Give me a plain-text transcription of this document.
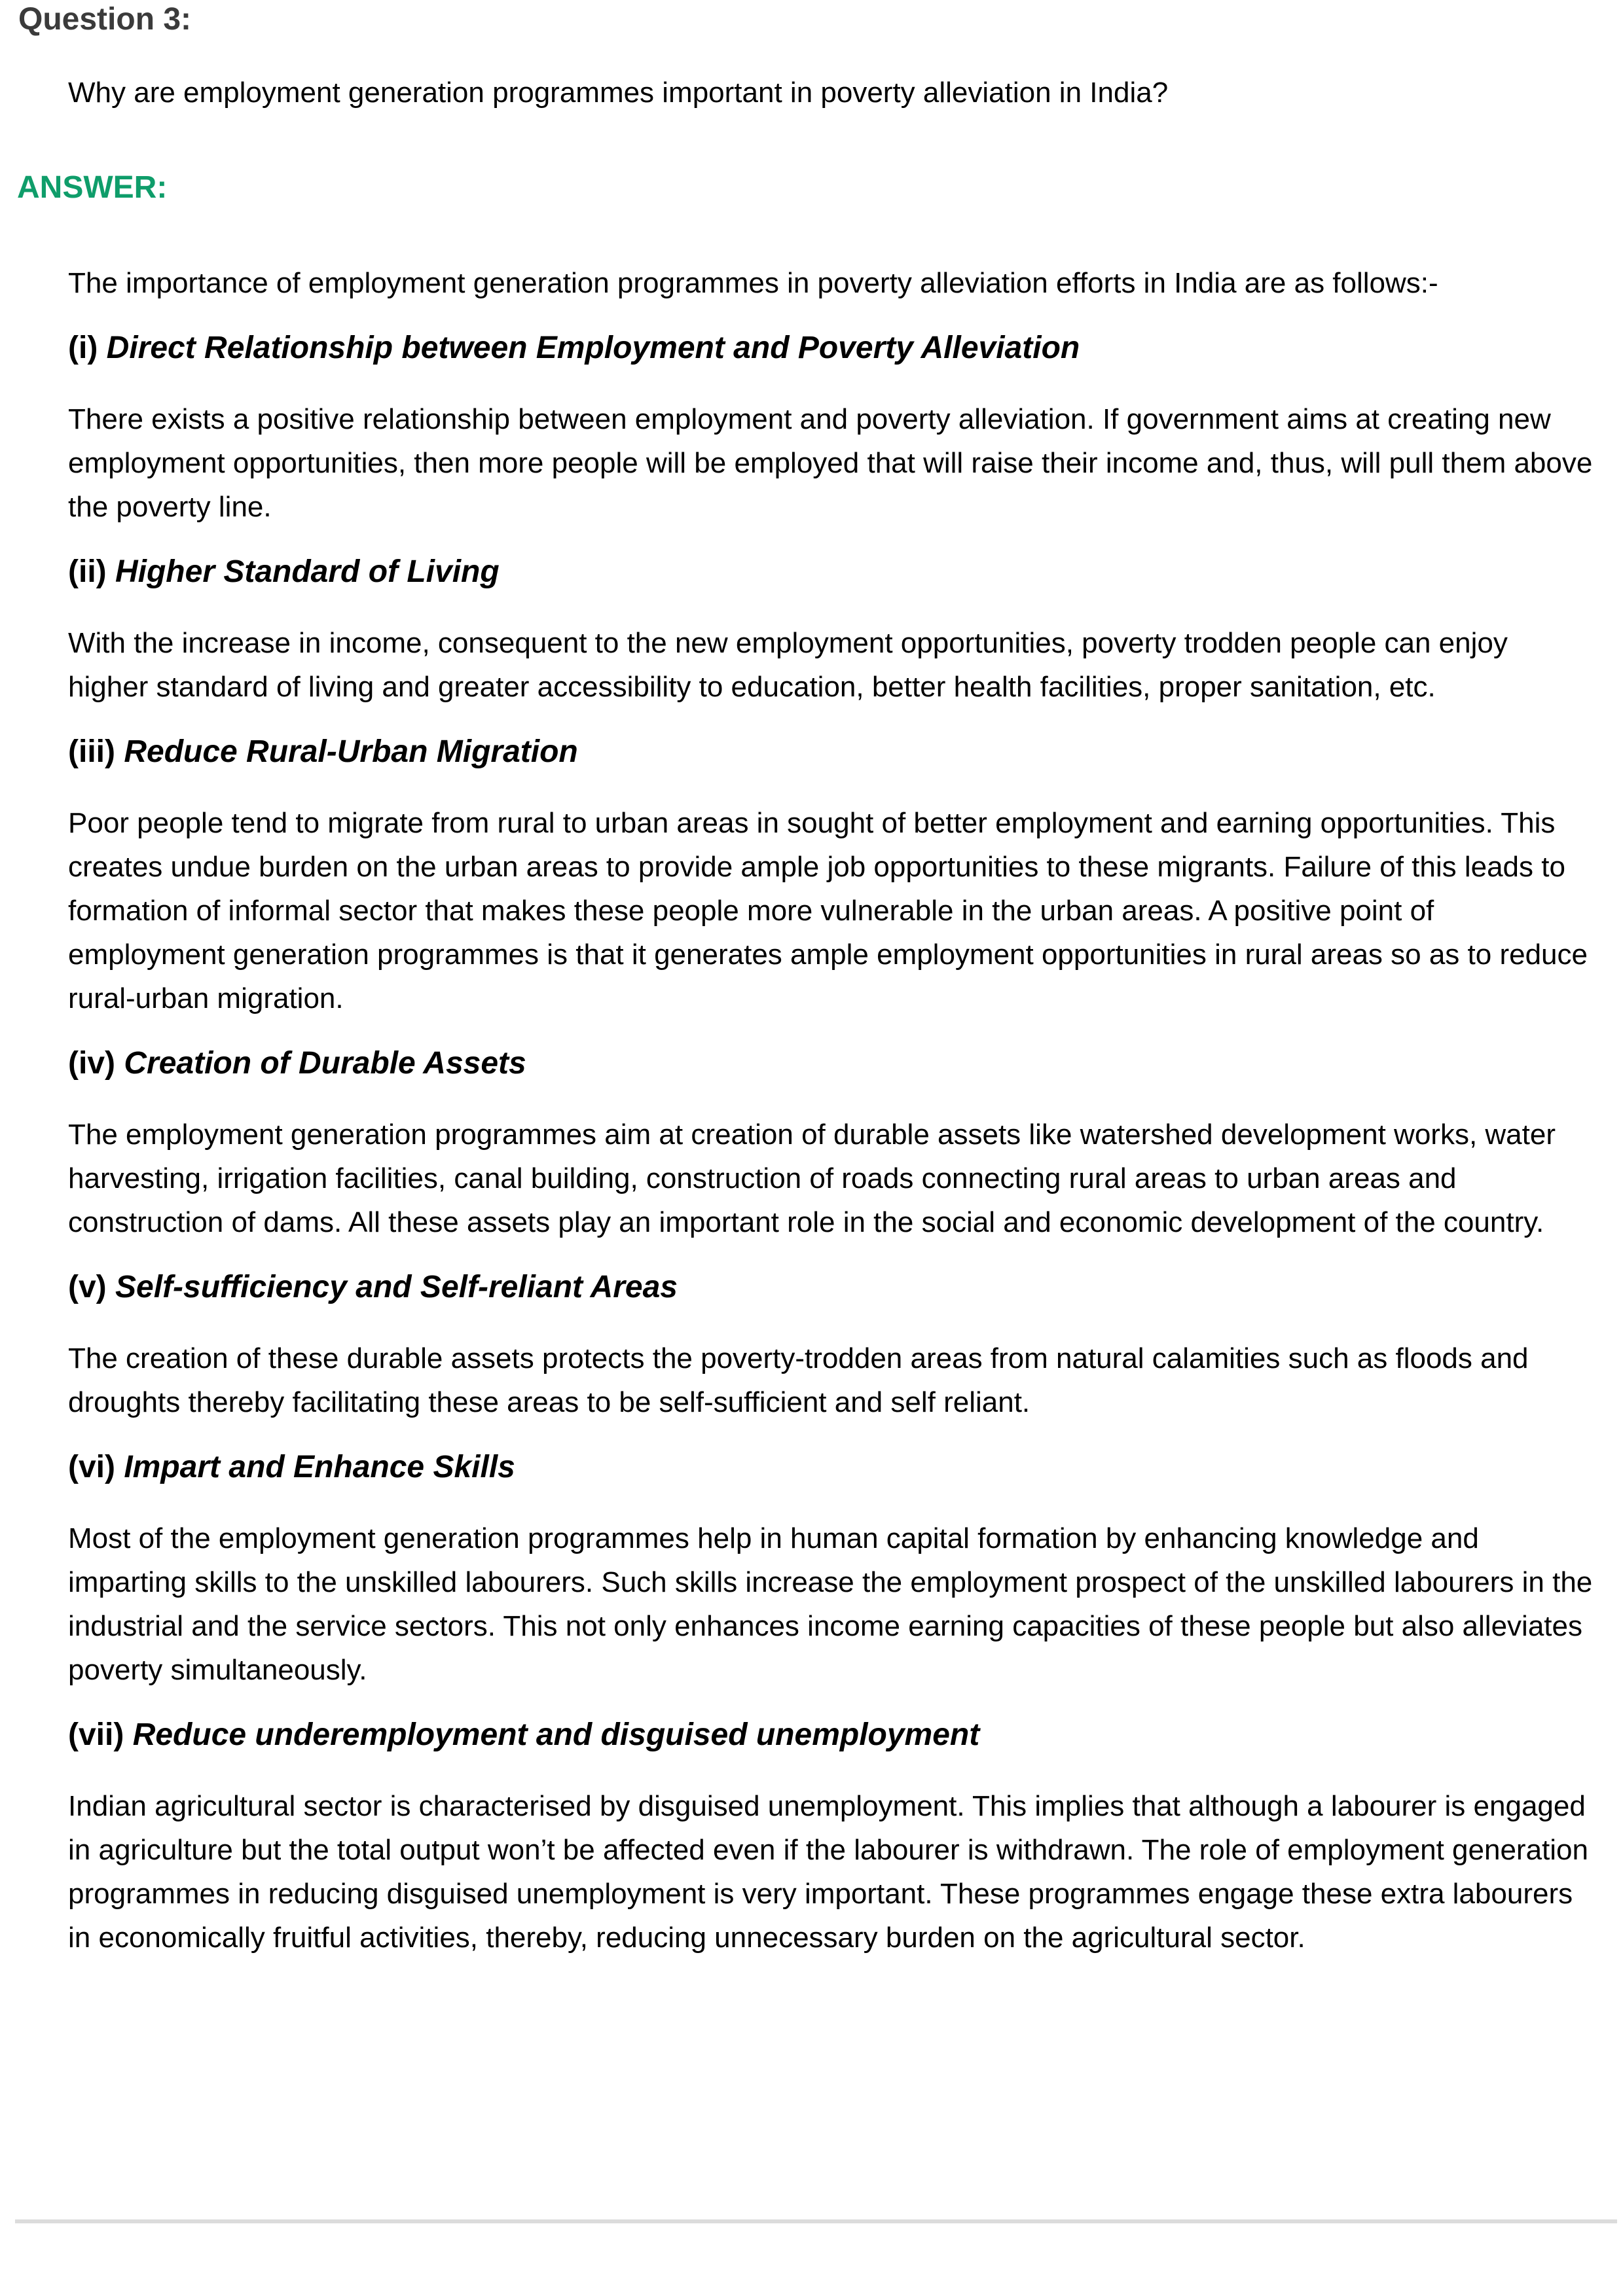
Question 3:

Why are employment generation programmes important in poverty alleviation in India?

ANSWER:

The importance of employment generation programmes in poverty alleviation efforts in India are as follows:-

(i) Direct Relationship between Employment and Poverty Alleviation

There exists a positive relationship between employment and poverty alleviation. If government aims at creating new employment opportunities, then more people will be employed that will raise their income and, thus, will pull them above the poverty line.

(ii) Higher Standard of Living

With the increase in income, consequent to the new employment opportunities, poverty trodden people can enjoy higher standard of living and greater accessibility to education, better health facilities, proper sanitation, etc.

(iii) Reduce Rural-Urban Migration

Poor people tend to migrate from rural to urban areas in sought of better employment and earning opportunities. This creates undue burden on the urban areas to provide ample job opportunities to these migrants. Failure of this leads to formation of informal sector that makes these people more vulnerable in the urban areas. A positive point of employment generation programmes is that it generates ample employment opportunities in rural areas so as to reduce rural-urban migration.

(iv) Creation of Durable Assets

The employment generation programmes aim at creation of durable assets like watershed development works, water harvesting, irrigation facilities, canal building, construction of roads connecting rural areas to urban areas and construction of dams. All these assets play an important role in the social and economic development of the country.

(v) Self-sufficiency and Self-reliant Areas

The creation of these durable assets protects the poverty-trodden areas from natural calamities such as floods and droughts thereby facilitating these areas to be self-sufficient and self reliant.

(vi) Impart and Enhance Skills

Most of the employment generation programmes help in human capital formation by enhancing knowledge and imparting skills to the unskilled labourers. Such skills increase the employment prospect of the unskilled labourers in the industrial and the service sectors. This not only enhances income earning capacities of these people but also alleviates poverty simultaneously.

(vii) Reduce underemployment and disguised unemployment

Indian agricultural sector is characterised by disguised unemployment. This implies that although a labourer is engaged in agriculture but the total output won’t be affected even if the labourer is withdrawn. The role of employment generation programmes in reducing disguised unemployment is very important. These programmes engage these extra labourers in economically fruitful activities, thereby, reducing unnecessary burden on the agricultural sector.
